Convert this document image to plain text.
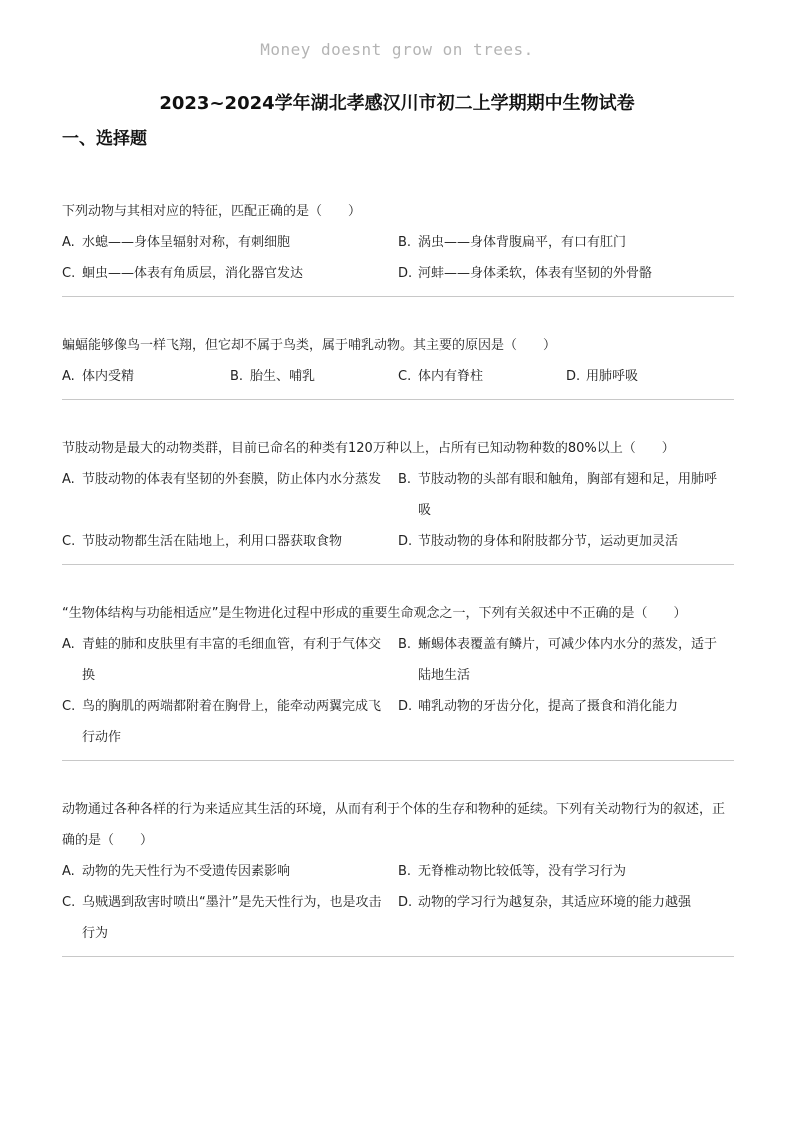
Money doesnt grow on trees.
2023~2024学年湖北孝感汉川市初二上学期期中生物试卷
一、选择题
下列动物与其相对应的特征，匹配正确的是（　　）
A. 水螅——身体呈辐射对称，有刺细胞	B. 涡虫——身体背腹扁平，有口有肛门
C. 蛔虫——体表有角质层，消化器官发达	D. 河蚌——身体柔软，体表有坚韧的外骨骼
蝙蝠能够像鸟一样飞翔，但它却不属于鸟类，属于哺乳动物。其主要的原因是（　　）
A. 体内受精	B. 胎生、哺乳	C. 体内有脊柱	D. 用肺呼吸
节肢动物是最大的动物类群，目前已命名的种类有120万种以上，占所有已知动物种数的80%以上（　　）
A. 节肢动物的体表有坚韧的外套膜，防止体内水分蒸发	B. 节肢动物的头部有眼和触角，胸部有翅和足，用肺呼吸
C. 节肢动物都生活在陆地上，利用口器获取食物	D. 节肢动物的身体和附肢都分节，运动更加灵活
“生物体结构与功能相适应”是生物进化过程中形成的重要生命观念之一，下列有关叙述中不正确的是（　　）
A. 青蛙的肺和皮肤里有丰富的毛细血管，有利于气体交换
B. 蜥蜴体表覆盖有鳞片，可减少体内水分的蒸发，适于陆地生活
C. 鸟的胸肌的两端都附着在胸骨上，能牵动两翼完成飞行动作
D. 哺乳动物的牙齿分化，提高了摄食和消化能力
动物通过各种各样的行为来适应其生活的环境，从而有利于个体的生存和物种的延续。下列有关动物行为的叙述，正确的是（　　）
A. 动物的先天性行为不受遗传因素影响	B. 无脊椎动物比较低等，没有学习行为
C. 乌贼遇到敌害时喷出“墨汁”是先天性行为，也是攻击行为
D. 动物的学习行为越复杂，其适应环境的能力越强
